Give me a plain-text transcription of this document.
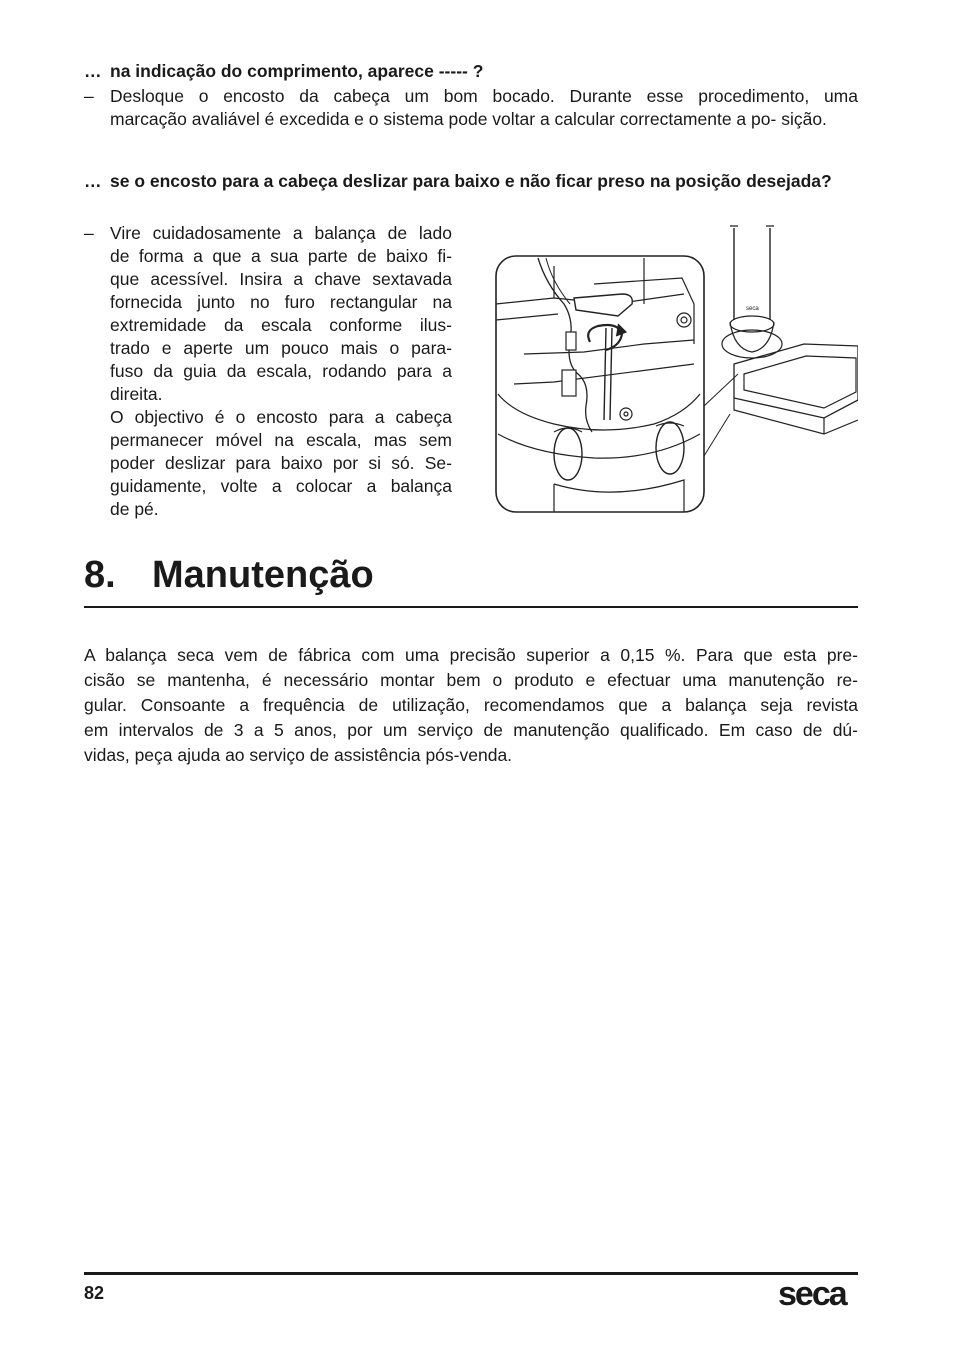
… na indicação do comprimento, aparece ‑‑‑‑‑ ?
– Desloque o encosto da cabeça um bom bocado. Durante esse procedimento, uma marcação avaliável é excedida e o sistema pode voltar a calcular correctamente a po- sição.
… se o encosto para a cabeça deslizar para baixo e não ficar preso na posição desejada?
– Vire cuidadosamente a balança de lado de forma a que a sua parte de baixo fi- que acessível. Insira a chave sextavada fornecida junto no furo rectangular na extremidade da escala conforme ilus- trado e aperte um pouco mais o para- fuso da guia da escala, rodando para a direita.

O objectivo é o encosto para a cabeça permanecer móvel na escala, mas sem poder deslizar para baixo por si só. Se- guidamente, volte a colocar a balança de pé.

seca
8. Manutenção

A balança seca vem de fábrica com uma precisão superior a 0,15 %. Para que esta pre- cisão se mantenha, é necessário montar bem o produto e efectuar uma manutenção re- gular. Consoante a frequência de utilização, recomendamos que a balança seja revista em intervalos de 3 a 5 anos, por um serviço de manutenção qualificado. Em caso de dú- vidas, peça ajuda ao serviço de assistência pós-venda.

82	seca
